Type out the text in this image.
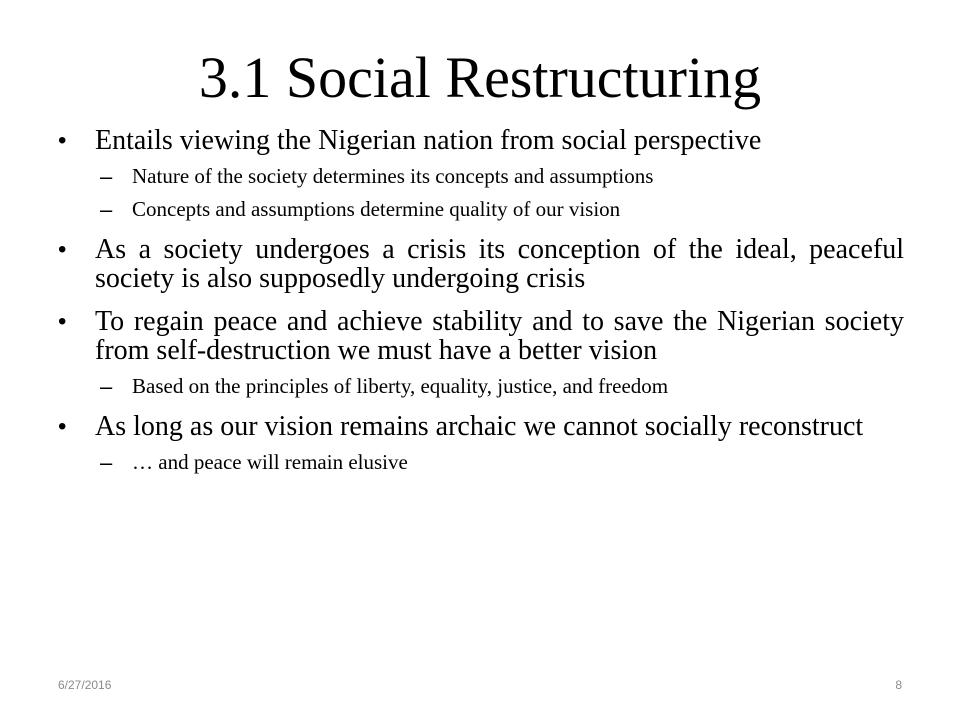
3.1 Social Restructuring
• Entails viewing the Nigerian nation from social perspective
– Nature of the society determines its concepts and assumptions
– Concepts and assumptions determine quality of our vision
• As a society undergoes a crisis its conception of the ideal, peaceful society is also supposedly undergoing crisis
• To regain peace and achieve stability and to save the Nigerian society from self-destruction we must have a better vision
– Based on the principles of liberty, equality, justice, and freedom
• As long as our vision remains archaic we cannot socially reconstruct
– … and peace will remain elusive
6/27/2016	8
